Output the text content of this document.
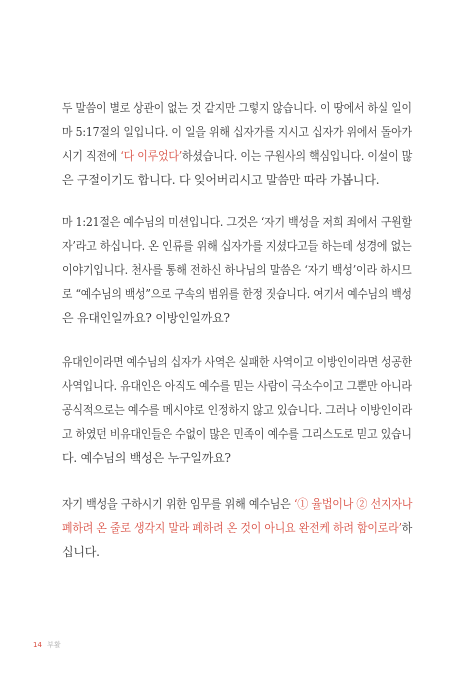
두 말씀이 별로 상관이 없는 것 같지만 그렇지 않습니다. 이 땅에서 하실 일이
마 5:17절의 일입니다. 이 일을 위해 십자가를 지시고 십자가 위에서 돌아가
시기 직전에 ‘다 이루었다’하셨습니다. 이는 구원사의 핵심입니다. 이설이 많
은 구절이기도 합니다. 다 잊어버리시고 말씀만 따라 가봅니다.
마 1:21절은 예수님의 미션입니다. 그것은 ‘자기 백성을 저희 죄에서 구원할
자’라고 하십니다. 온 인류를 위해 십자가를 지셨다고들 하는데 성경에 없는
이야기입니다. 천사를 통해 전하신 하나님의 말씀은 ‘자기 백성’이라 하시므
로 “예수님의 백성”으로 구속의 범위를 한정 짓습니다. 여기서 예수님의 백성
은 유대인일까요? 이방인일까요?
유대인이라면 예수님의 십자가 사역은 실패한 사역이고 이방인이라면 성공한
사역입니다. 유대인은 아직도 예수를 믿는 사람이 극소수이고 그뿐만 아니라
공식적으로는 예수를 메시야로 인정하지 않고 있습니다. 그러나 이방인이라
고 하였던 비유대인들은 수없이 많은 민족이 예수를 그리스도로 믿고 있습니
다. 예수님의 백성은 누구일까요?
자기 백성을 구하시기 위한 임무를 위해 예수님은 ‘① 율법이나 ② 선지자나
폐하려 온 줄로 생각지 말라 폐하려 온 것이 아니요 완전케 하려 함이로라’하
십니다.
14 부활
